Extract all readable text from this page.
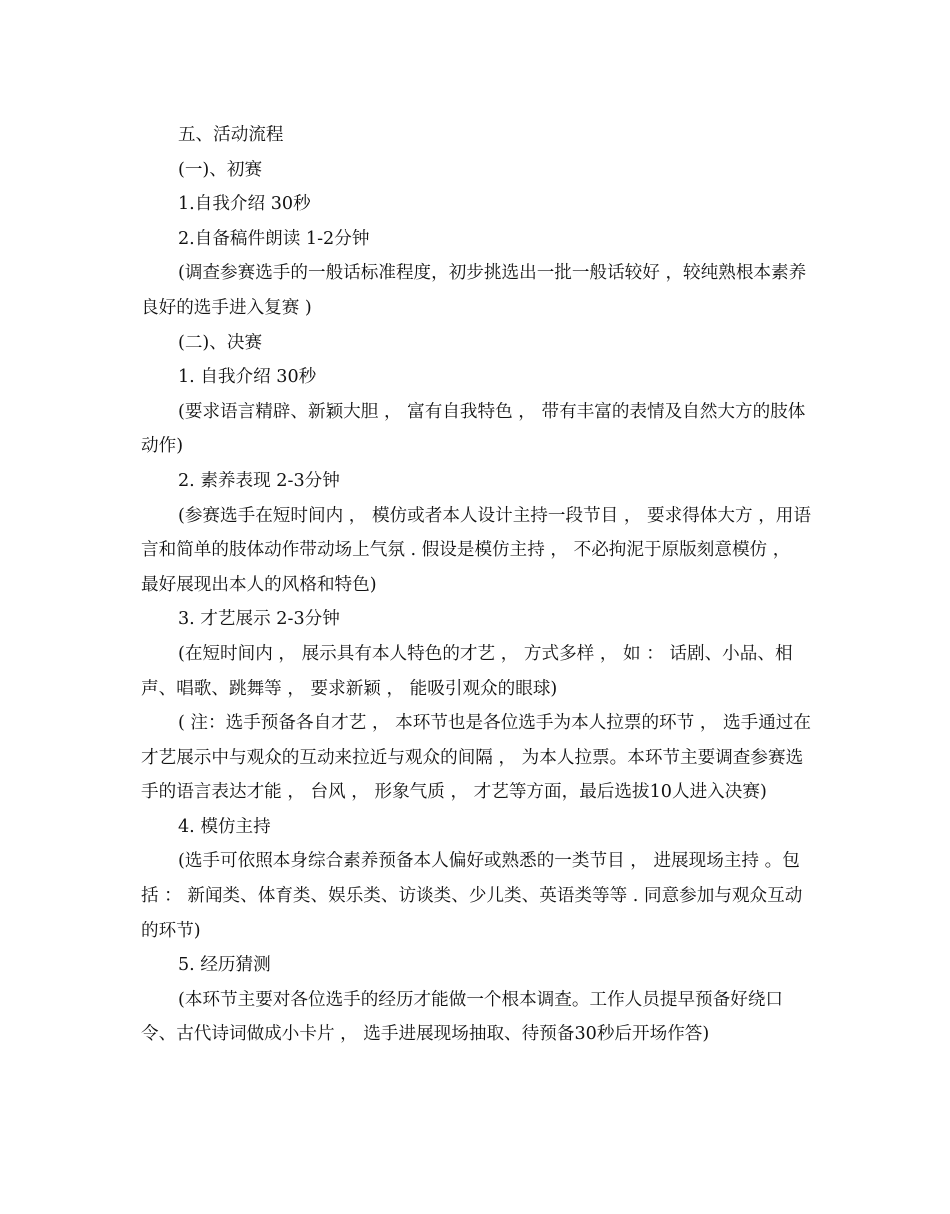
五、活动流程

(一)、初赛

1.自我介绍 30秒

2.自备稿件朗读 1-2分钟

(调查参赛选手的一般话标准程度，初步挑选出一批一般话较好 ，较纯熟根本素养良好的选手进入复赛 )

(二)、决赛

1. 自我介绍 30秒

(要求语言精辟、新颖大胆 ， 富有自我特色 ， 带有丰富的表情及自然大方的肢体动作)

2. 素养表现 2-3分钟

(参赛选手在短时间内 ， 模仿或者本人设计主持一段节目 ， 要求得体大方 ，用语言和简单的肢体动作带动场上气氛 . 假设是模仿主持 ， 不必拘泥于原版刻意模仿 ， 最好展现出本人的风格和特色)

3. 才艺展示 2-3分钟

(在短时间内 ， 展示具有本人特色的才艺 ， 方式多样 ， 如 ： 话剧、小品、相声、唱歌、跳舞等 ， 要求新颖 ， 能吸引观众的眼球)

( 注：选手预备各自才艺 ， 本环节也是各位选手为本人拉票的环节 ， 选手通过在才艺展示中与观众的互动来拉近与观众的间隔 ， 为本人拉票。本环节主要调查参赛选手的语言表达才能 ， 台风 ， 形象气质 ， 才艺等方面，最后选拔10人进入决赛)

4. 模仿主持

(选手可依照本身综合素养预备本人偏好或熟悉的一类节目 ， 进展现场主持 。包括 ： 新闻类、体育类、娱乐类、访谈类、少儿类、英语类等等 . 同意参加与观众互动的环节)

5. 经历猜测

(本环节主要对各位选手的经历才能做一个根本调查。工作人员提早预备好绕口令、古代诗词做成小卡片 ， 选手进展现场抽取、待预备30秒后开场作答)
